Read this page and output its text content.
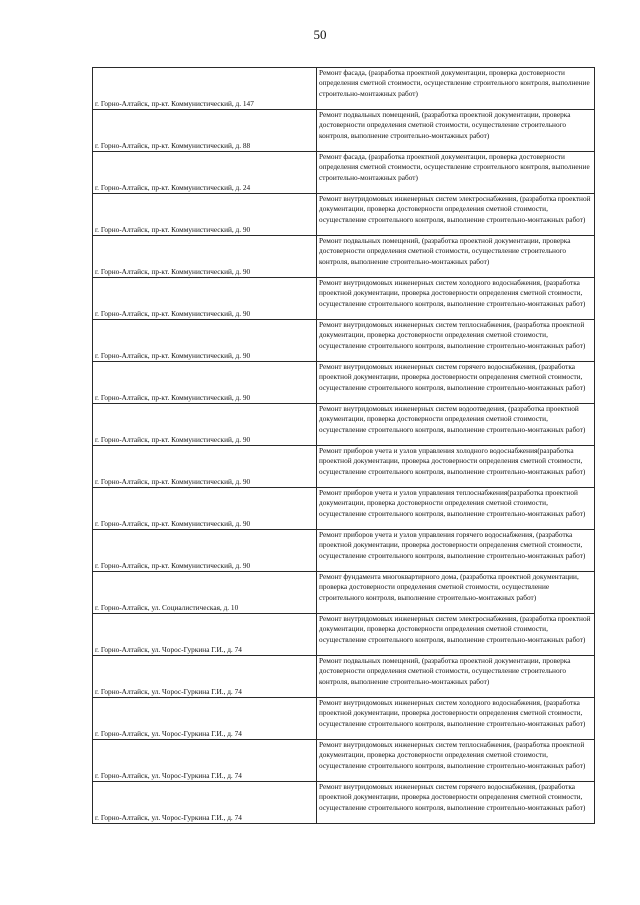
50
г. Горно-Алтайск, пр-кт. Коммунистический, д. 147	Ремонт фасада, (разработка проектной документации, проверка достоверности определения сметной стоимости, осуществление строительного контроля, выполнение строительно-монтажных работ)
г. Горно-Алтайск, пр-кт. Коммунистический, д. 88	Ремонт подвальных помещений, (разработка проектной документации, проверка достоверности определения сметной стоимости, осуществление строительного контроля, выполнение строительно-монтажных работ)
г. Горно-Алтайск, пр-кт. Коммунистический, д. 24	Ремонт фасада, (разработка проектной документации, проверка достоверности определения сметной стоимости, осуществление строительного контроля, выполнение строительно-монтажных работ)
г. Горно-Алтайск, пр-кт. Коммунистический, д. 90	Ремонт внутридомовых инженерных систем электроснабжения, (разработка проектной документации, проверка достоверности определения сметной стоимости, осуществление строительного контроля, выполнение строительно-монтажных работ)
г. Горно-Алтайск, пр-кт. Коммунистический, д. 90	Ремонт подвальных помещений, (разработка проектной документации, проверка достоверности определения сметной стоимости, осуществление строительного контроля, выполнение строительно-монтажных работ)
г. Горно-Алтайск, пр-кт. Коммунистический, д. 90	Ремонт внутридомовых инженерных систем холодного водоснабжения, (разработка проектной документации, проверка достоверности определения сметной стоимости, осуществление строительного контроля, выполнение строительно-монтажных работ)
г. Горно-Алтайск, пр-кт. Коммунистический, д. 90	Ремонт внутридомовых инженерных систем теплоснабжения, (разработка проектной документации, проверка достоверности определения сметной стоимости, осуществление строительного контроля, выполнение строительно-монтажных работ)
г. Горно-Алтайск, пр-кт. Коммунистический, д. 90	Ремонт внутридомовых инженерных систем горячего водоснабжения, (разработка проектной документации, проверка достоверности определения сметной стоимости, осуществление строительного контроля, выполнение строительно-монтажных работ)
г. Горно-Алтайск, пр-кт. Коммунистический, д. 90	Ремонт внутридомовых инженерных систем водоотведения, (разработка проектной документации, проверка достоверности определения сметной стоимости, осуществление строительного контроля, выполнение строительно-монтажных работ)
г. Горно-Алтайск, пр-кт. Коммунистический, д. 90	Ремонт приборов учета и узлов управления холодного водоснабжения(разработка проектной документации, проверка достоверности определения сметной стоимости, осуществление строительного контроля, выполнение строительно-монтажных работ)
г. Горно-Алтайск, пр-кт. Коммунистический, д. 90	Ремонт приборов учета и узлов управления теплоснабжения(разработка проектной документации, проверка достоверности определения сметной стоимости, осуществление строительного контроля, выполнение строительно-монтажных работ)
г. Горно-Алтайск, пр-кт. Коммунистический, д. 90	Ремонт приборов учета и узлов управления горячего водоснабжения, (разработка проектной документации, проверка достоверности определения сметной стоимости, осуществление строительного контроля, выполнение строительно-монтажных работ)
г. Горно-Алтайск, ул. Социалистическая, д. 10	Ремонт фундамента многоквартирного дома, (разработка проектной документации, проверка достоверности определения сметной стоимости, осуществление строительного контроля, выполнение строительно-монтажных работ)
г. Горно-Алтайск, ул. Чорос-Гуркина Г.И., д. 74	Ремонт внутридомовых инженерных систем электроснабжения, (разработка проектной документации, проверка достоверности определения сметной стоимости, осуществление строительного контроля, выполнение строительно-монтажных работ)
г. Горно-Алтайск, ул. Чорос-Гуркина Г.И., д. 74	Ремонт подвальных помещений, (разработка проектной документации, проверка достоверности определения сметной стоимости, осуществление строительного контроля, выполнение строительно-монтажных работ)
г. Горно-Алтайск, ул. Чорос-Гуркина Г.И., д. 74	Ремонт внутридомовых инженерных систем холодного водоснабжения, (разработка проектной документации, проверка достоверности определения сметной стоимости, осуществление строительного контроля, выполнение строительно-монтажных работ)
г. Горно-Алтайск, ул. Чорос-Гуркина Г.И., д. 74	Ремонт внутридомовых инженерных систем теплоснабжения, (разработка проектной документации, проверка достоверности определения сметной стоимости, осуществление строительного контроля, выполнение строительно-монтажных работ)
г. Горно-Алтайск, ул. Чорос-Гуркина Г.И., д. 74	Ремонт внутридомовых инженерных систем горячего водоснабжения, (разработка проектной документации, проверка достоверности определения сметной стоимости, осуществление строительного контроля, выполнение строительно-монтажных работ)
